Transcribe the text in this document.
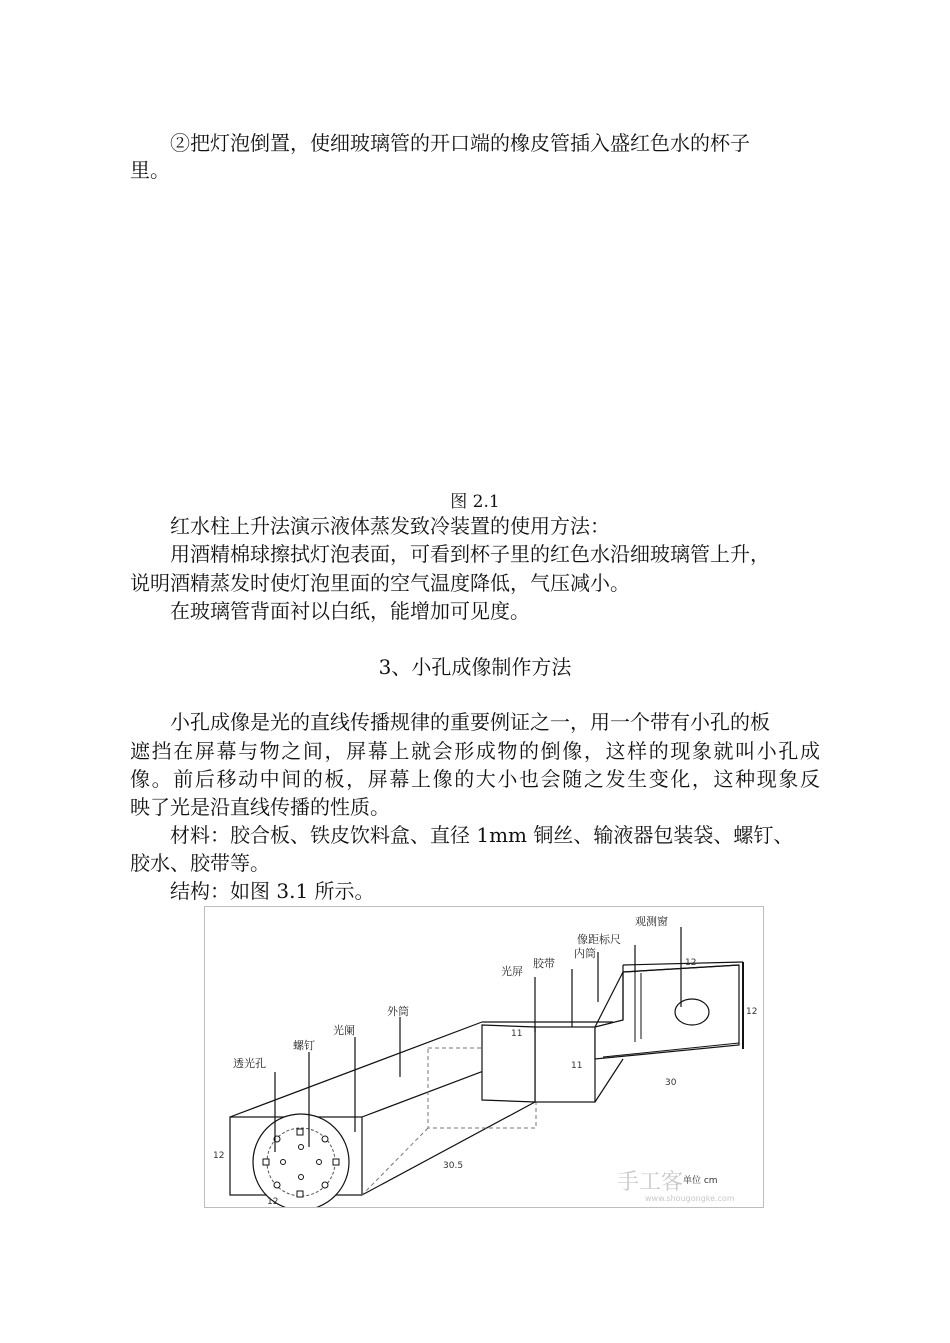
②把灯泡倒置，使细玻璃管的开口端的橡皮管插入盛红色水的杯子
里。
图 2.1
红水柱上升法演示液体蒸发致冷装置的使用方法：
用酒精棉球擦拭灯泡表面，可看到杯子里的红色水沿细玻璃管上升，
说明酒精蒸发时使灯泡里面的空气温度降低，气压减小。
在玻璃管背面衬以白纸，能增加可见度。
3、小孔成像制作方法
小孔成像是光的直线传播规律的重要例证之一，用一个带有小孔的板
遮挡在屏幕与物之间，屏幕上就会形成物的倒像，这样的现象就叫小孔成
像。前后移动中间的板，屏幕上像的大小也会随之发生变化，这种现象反
映了光是沿直线传播的性质。
材料：胶合板、铁皮饮料盒、直径 1mm 铜丝、输液器包装袋、螺钉、
胶水、胶带等。
结构：如图 3.1 所示。
观测窗
像距标尺
内筒
胶带
光屏
外筒
光阑
螺钉
透光孔
11
11
12
12
30
30.5
12
12
单位 cm
手工客
www.shougongke.com
